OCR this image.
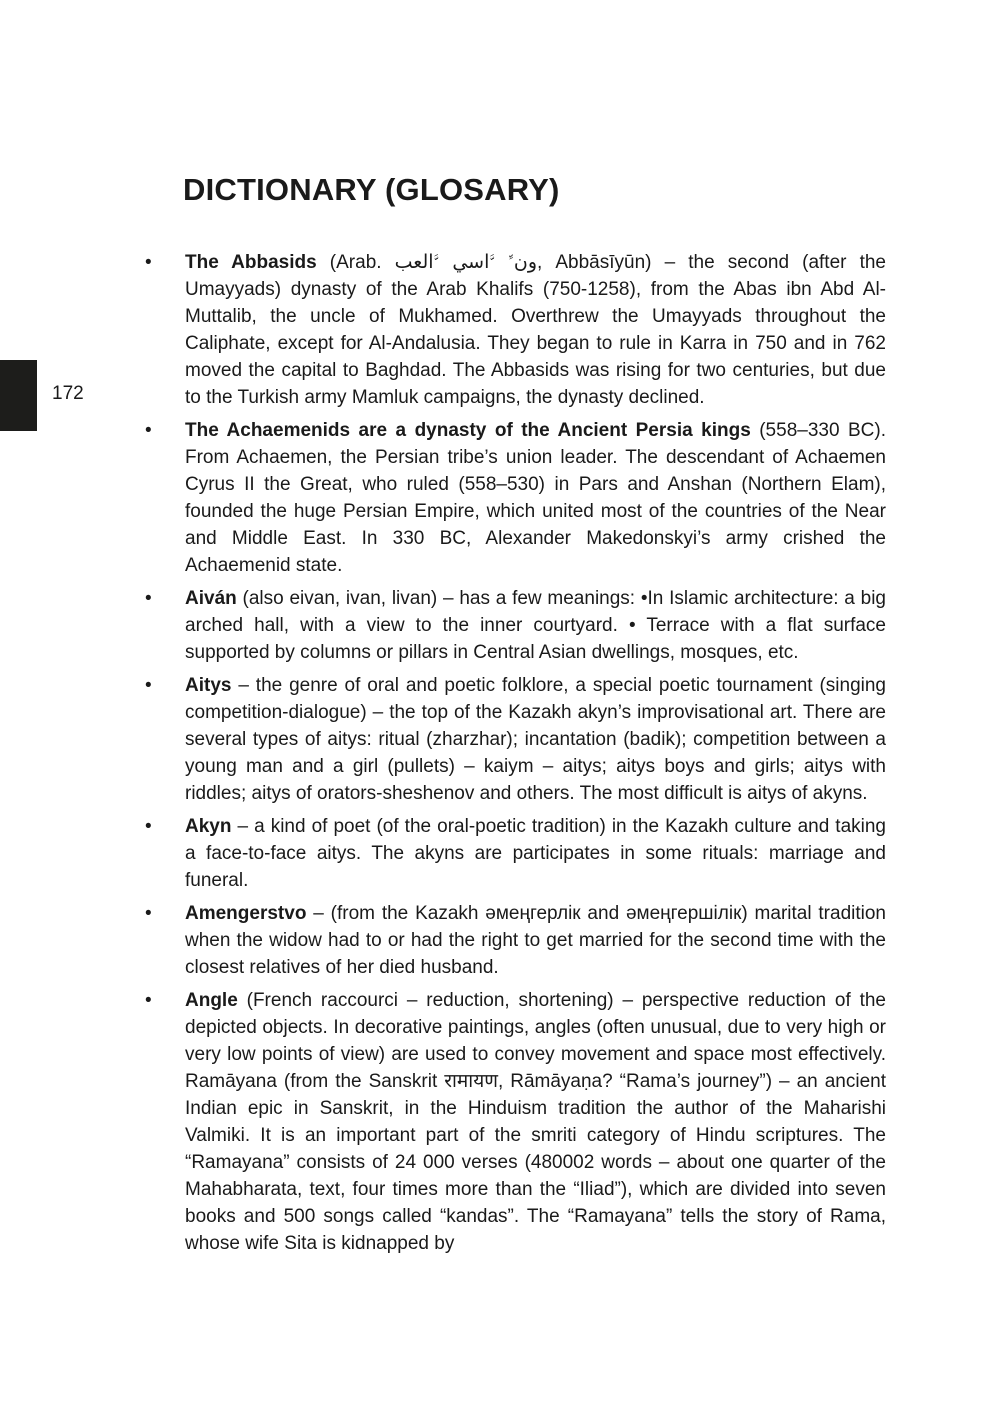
172
DICTIONARY (GLOSARY)
• The Abbasids (Arab. ونﱢ ﱠاسي ﱠالعب, Abbāsīyūn) – the second (after the Umayyads) dynasty of the Arab Khalifs (750-1258), from the Abas ibn Abd Al-Muttalib, the uncle of Mukhamed. Overthrew the Umayyads throughout the Caliphate, except for Al-Andalusia. They began to rule in Karra in 750 and in 762 moved the capital to Baghdad. The Abbasids was rising for two centuries, but due to the Turkish army Mamluk campaigns, the dynasty declined.
• The Achaemenids are a dynasty of the Ancient Persia kings (558–330 BC). From Achaemen, the Persian tribe’s union leader. The descendant of Achaemen Cyrus II the Great, who ruled (558–530) in Pars and Anshan (Northern Elam), founded the huge Persian Empire, which united most of the countries of the Near and Middle East. In 330 BC, Alexander Makedonskyi’s army crished the Achaemenid state.
• Aiván (also eivan, ivan, livan) – has a few meanings: •In Islamic architecture: a big arched hall, with a view to the inner courtyard. • Terrace with a flat surface supported by columns or pillars in Central Asian dwellings, mosques, etc.
• Aitys – the genre of oral and poetic folklore, a special poetic tournament (singing competition-dialogue) – the top of the Kazakh akyn’s improvisational art. There are several types of aitys: ritual (zharzhar); incantation (badik); competition between a young man and a girl (pullets) – kaiym – aitys; aitys boys and girls; aitys with riddles; aitys of orators-sheshenov and others. The most difficult is aitys of akyns.
• Akyn – a kind of poet (of the oral-poetic tradition) in the Kazakh culture and taking a face-to-face aitys. The akyns are participates in some rituals: marriage and funeral.
• Amengerstvo – (from the Kazakh әмеңгерлік and әмеңгершілік) marital tradition when the widow had to or had the right to get married for the second time with the closest relatives of her died husband.
• Angle (French raccourci – reduction, shortening) – perspective reduction of the depicted objects. In decorative paintings, angles (often unusual, due to very high or very low points of view) are used to convey movement and space most effectively. Ramāyana (from the Sanskrit रामायण, Rāmāyaṇa? “Rama’s journey”) – an ancient Indian epic in Sanskrit, in the Hinduism tradition the author of the Maharishi Valmiki. It is an important part of the smriti category of Hindu scriptures. The “Ramayana” consists of 24 000 verses (480002 words – about one quarter of the Mahabharata, text, four times more than the “Iliad”), which are divided into seven books and 500 songs called “kandas”. The “Ramayana” tells the story of Rama, whose wife Sita is kidnapped by
